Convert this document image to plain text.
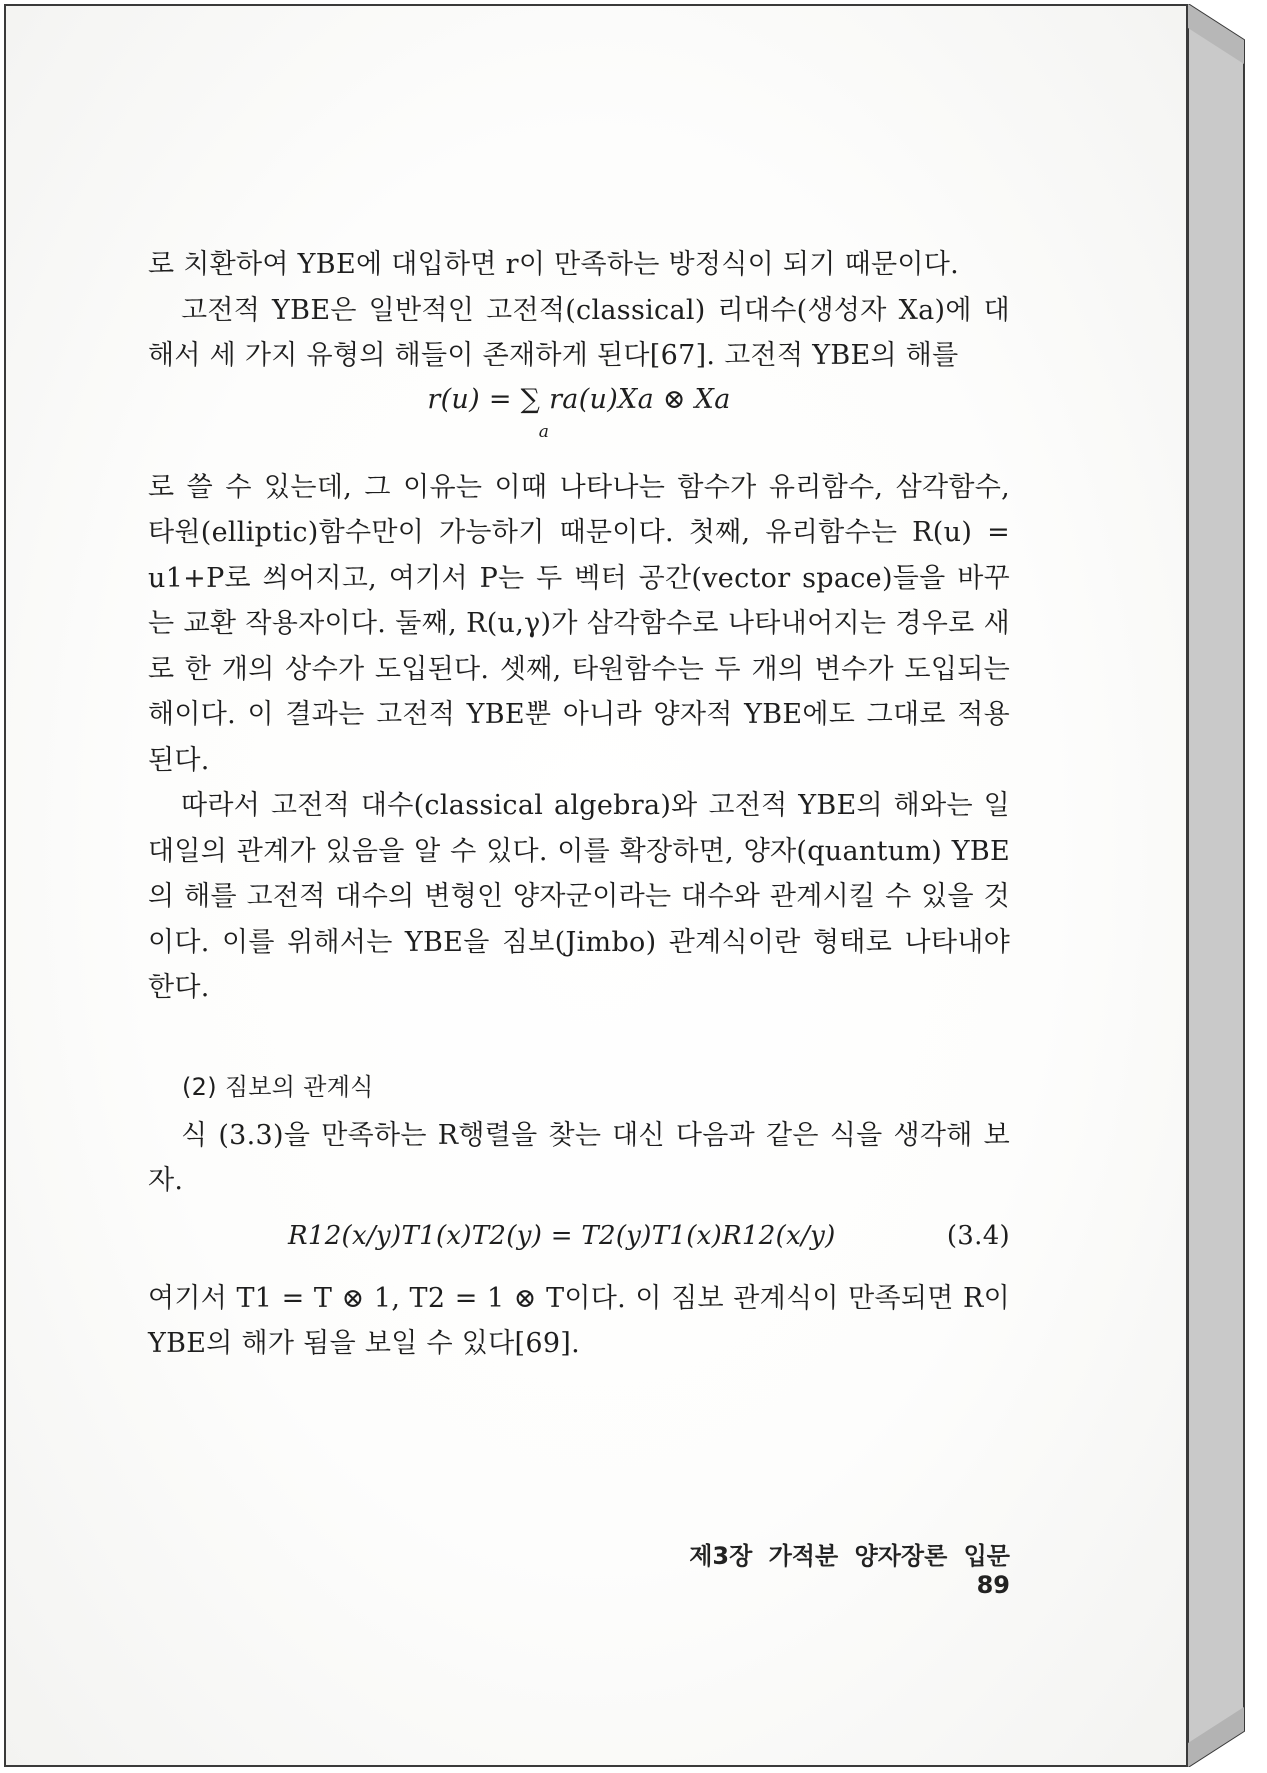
로 치환하여 YBE에 대입하면 r이 만족하는 방정식이 되기 때문이다.

고전적 YBE은 일반적인 고전적(classical) 리대수(생성자 Xa)에 대해서 세 가지 유형의 해들이 존재하게 된다[67]. 고전적 YBE의 해를

r(u) = ∑ ra(u)Xa ⊗ Xa
a

로 쓸 수 있는데, 그 이유는 이때 나타나는 함수가 유리함수, 삼각함수, 타원(elliptic)함수만이 가능하기 때문이다. 첫째, 유리함수는 R(u) = u1+P로 씌어지고, 여기서 P는 두 벡터 공간(vector space)들을 바꾸는 교환 작용자이다. 둘째, R(u,γ)가 삼각함수로 나타내어지는 경우로 새로 한 개의 상수가 도입된다. 셋째, 타원함수는 두 개의 변수가 도입되는 해이다. 이 결과는 고전적 YBE뿐 아니라 양자적 YBE에도 그대로 적용된다.

따라서 고전적 대수(classical algebra)와 고전적 YBE의 해와는 일대일의 관계가 있음을 알 수 있다. 이를 확장하면, 양자(quantum) YBE의 해를 고전적 대수의 변형인 양자군이라는 대수와 관계시킬 수 있을 것이다. 이를 위해서는 YBE을 짐보(Jimbo) 관계식이란 형태로 나타내야 한다.

(2) 짐보의 관계식

식 (3.3)을 만족하는 R행렬을 찾는 대신 다음과 같은 식을 생각해 보자.

R12(x/y)T1(x)T2(y) = T2(y)T1(x)R12(x/y)	(3.4)

여기서 T1 = T ⊗ 1, T2 = 1 ⊗ T이다. 이 짐보 관계식이 만족되면 R이 YBE의 해가 됨을 보일 수 있다[69].

제3장 가적분 양자장론 입문 89
